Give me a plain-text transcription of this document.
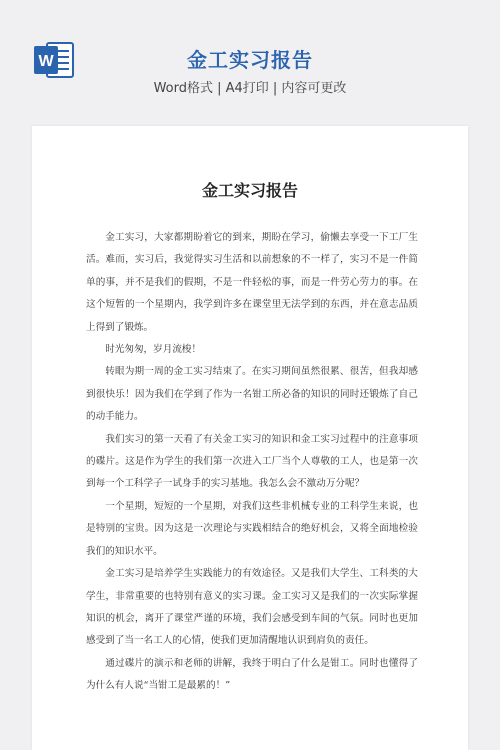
W	金工实习报告
Word格式 | A4打印 | 内容可更改
金工实习报告

金工实习，大家都期盼着它的到来，期盼在学习，偷懒去享受一下工厂生活。难而，实习后，我觉得实习生活和以前想象的不一样了，实习不是一件简单的事，并不是我们的假期，不是一件轻松的事，而是一件劳心劳力的事。在这个短暂的一个星期内，我学到许多在课堂里无法学到的东西，并在意志品质上得到了锻炼。

时光匆匆，岁月流梭！

转眼为期一周的金工实习结束了。在实习期间虽然很累、很苦，但我却感到很快乐！因为我们在学到了作为一名钳工所必备的知识的同时还锻炼了自己的动手能力。

我们实习的第一天看了有关金工实习的知识和金工实习过程中的注意事项的碟片。这是作为学生的我们第一次进入工厂当个人尊敬的工人，也是第一次到每一个工科学子一试身手的实习基地。我怎么会不激动万分呢？

一个星期，短短的一个星期，对我们这些非机械专业的工科学生来说，也是特别的宝贵。因为这是一次理论与实践相结合的绝好机会，又将全面地检验我们的知识水平。

金工实习是培养学生实践能力的有效途径。又是我们大学生、工科类的大学生，非常重要的也特别有意义的实习课。金工实习又是我们的一次实际掌握知识的机会，离开了课堂严谨的环境，我们会感受到车间的气氛。同时也更加感受到了当一名工人的心情，使我们更加清醒地认识到肩负的责任。

通过碟片的演示和老师的讲解，我终于明白了什么是钳工。同时也懂得了为什么有人说“当钳工是最累的！”
